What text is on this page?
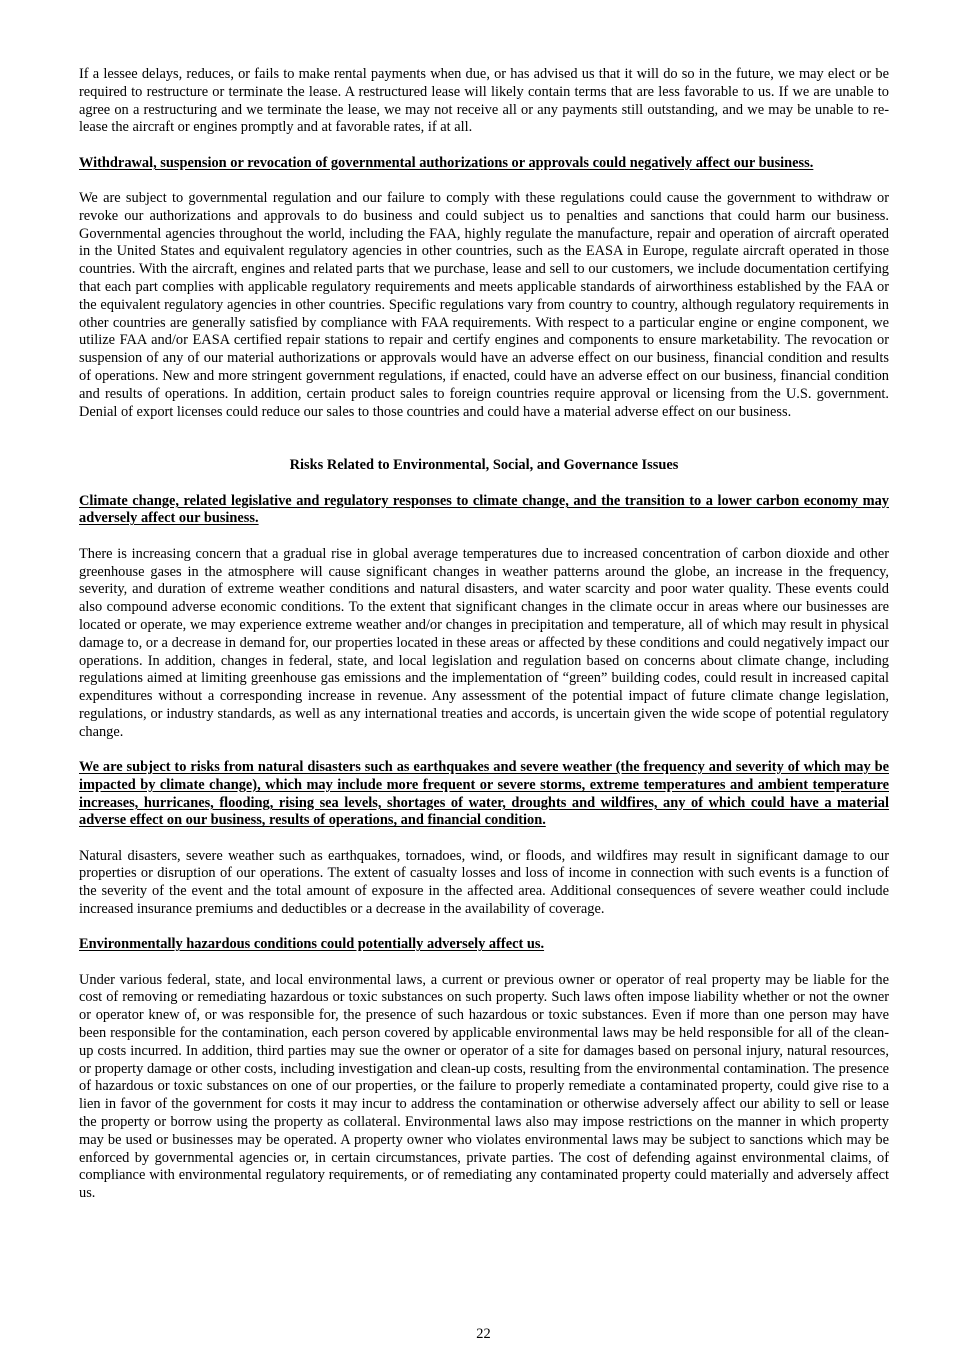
If a lessee delays, reduces, or fails to make rental payments when due, or has advised us that it will do so in the future, we may elect or be required to restructure or terminate the lease. A restructured lease will likely contain terms that are less favorable to us. If we are unable to agree on a restructuring and we terminate the lease, we may not receive all or any payments still outstanding, and we may be unable to re-lease the aircraft or engines promptly and at favorable rates, if at all.

Withdrawal, suspension or revocation of governmental authorizations or approvals could negatively affect our business.

We are subject to governmental regulation and our failure to comply with these regulations could cause the government to withdraw or revoke our authorizations and approvals to do business and could subject us to penalties and sanctions that could harm our business. Governmental agencies throughout the world, including the FAA, highly regulate the manufacture, repair and operation of aircraft operated in the United States and equivalent regulatory agencies in other countries, such as the EASA in Europe, regulate aircraft operated in those countries. With the aircraft, engines and related parts that we purchase, lease and sell to our customers, we include documentation certifying that each part complies with applicable regulatory requirements and meets applicable standards of airworthiness established by the FAA or the equivalent regulatory agencies in other countries. Specific regulations vary from country to country, although regulatory requirements in other countries are generally satisfied by compliance with FAA requirements. With respect to a particular engine or engine component, we utilize FAA and/or EASA certified repair stations to repair and certify engines and components to ensure marketability. The revocation or suspension of any of our material authorizations or approvals would have an adverse effect on our business, financial condition and results of operations. New and more stringent government regulations, if enacted, could have an adverse effect on our business, financial condition and results of operations. In addition, certain product sales to foreign countries require approval or licensing from the U.S. government. Denial of export licenses could reduce our sales to those countries and could have a material adverse effect on our business.

Risks Related to Environmental, Social, and Governance Issues

Climate change, related legislative and regulatory responses to climate change, and the transition to a lower carbon economy may adversely affect our business.

There is increasing concern that a gradual rise in global average temperatures due to increased concentration of carbon dioxide and other greenhouse gases in the atmosphere will cause significant changes in weather patterns around the globe, an increase in the frequency, severity, and duration of extreme weather conditions and natural disasters, and water scarcity and poor water quality. These events could also compound adverse economic conditions. To the extent that significant changes in the climate occur in areas where our businesses are located or operate, we may experience extreme weather and/or changes in precipitation and temperature, all of which may result in physical damage to, or a decrease in demand for, our properties located in these areas or affected by these conditions and could negatively impact our operations. In addition, changes in federal, state, and local legislation and regulation based on concerns about climate change, including regulations aimed at limiting greenhouse gas emissions and the implementation of “green” building codes, could result in increased capital expenditures without a corresponding increase in revenue. Any assessment of the potential impact of future climate change legislation, regulations, or industry standards, as well as any international treaties and accords, is uncertain given the wide scope of potential regulatory change.

We are subject to risks from natural disasters such as earthquakes and severe weather (the frequency and severity of which may be impacted by climate change), which may include more frequent or severe storms, extreme temperatures and ambient temperature increases, hurricanes, flooding, rising sea levels, shortages of water, droughts and wildfires, any of which could have a material adverse effect on our business, results of operations, and financial condition.

Natural disasters, severe weather such as earthquakes, tornadoes, wind, or floods, and wildfires may result in significant damage to our properties or disruption of our operations. The extent of casualty losses and loss of income in connection with such events is a function of the severity of the event and the total amount of exposure in the affected area. Additional consequences of severe weather could include increased insurance premiums and deductibles or a decrease in the availability of coverage.

Environmentally hazardous conditions could potentially adversely affect us.

Under various federal, state, and local environmental laws, a current or previous owner or operator of real property may be liable for the cost of removing or remediating hazardous or toxic substances on such property. Such laws often impose liability whether or not the owner or operator knew of, or was responsible for, the presence of such hazardous or toxic substances. Even if more than one person may have been responsible for the contamination, each person covered by applicable environmental laws may be held responsible for all of the clean-up costs incurred. In addition, third parties may sue the owner or operator of a site for damages based on personal injury, natural resources, or property damage or other costs, including investigation and clean-up costs, resulting from the environmental contamination. The presence of hazardous or toxic substances on one of our properties, or the failure to properly remediate a contaminated property, could give rise to a lien in favor of the government for costs it may incur to address the contamination or otherwise adversely affect our ability to sell or lease the property or borrow using the property as collateral. Environmental laws also may impose restrictions on the manner in which property may be used or businesses may be operated. A property owner who violates environmental laws may be subject to sanctions which may be enforced by governmental agencies or, in certain circumstances, private parties. The cost of defending against environmental claims, of compliance with environmental regulatory requirements, or of remediating any contaminated property could materially and adversely affect us.

22
